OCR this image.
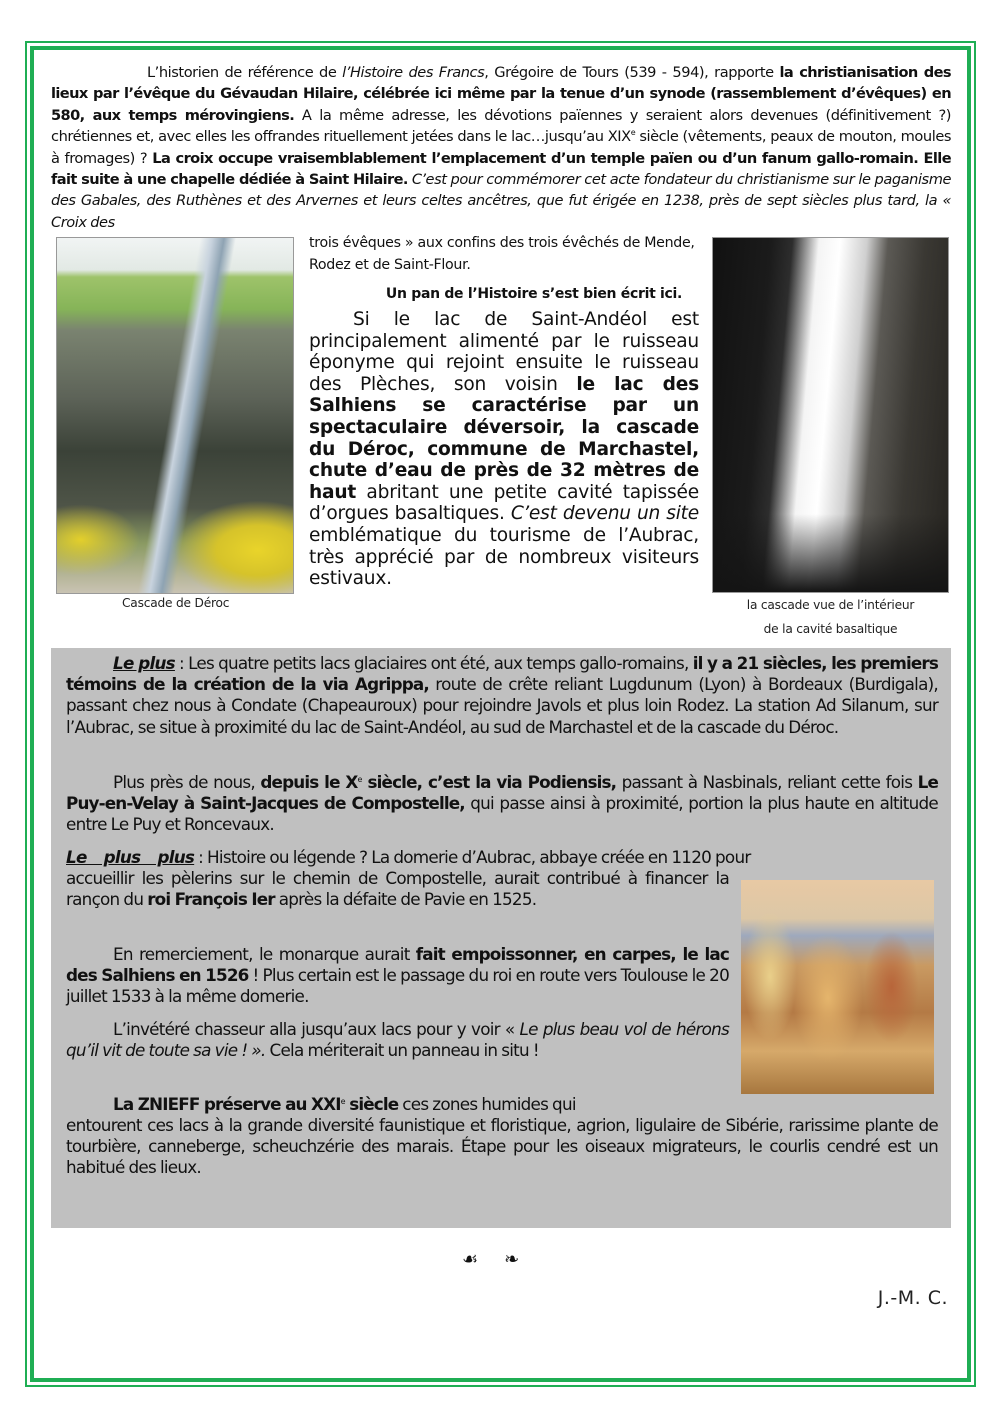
L’historien de référence de l’Histoire des Francs, Grégoire de Tours (539 - 594), rapporte la christianisation des lieux par l’évêque du Gévaudan Hilaire, célébrée ici même par la tenue d’un synode (rassemblement d’évêques) en 580, aux temps mérovingiens. A la même adresse, les dévotions païennes y seraient alors devenues (définitivement ?) chrétiennes et, avec elles les offrandes rituellement jetées dans le lac…jusqu’au XIXe siècle (vêtements, peaux de mouton, moules à fromages) ? La croix occupe vraisemblablement l’emplacement d’un temple païen ou d’un fanum gallo-romain. Elle fait suite à une chapelle dédiée à Saint Hilaire. C’est pour commémorer cet acte fondateur du christianisme sur le paganisme des Gabales, des Ruthènes et des Arvernes et leurs celtes ancêtres, que fut érigée en 1238, près de sept siècles plus tard, la « Croix des

Cascade de Déroc	la cascade vue de l’intérieur
de la cavité basaltique

trois évêques » aux confins des trois évêchés de Mende, Rodez et de Saint-Flour.

Un pan de l’Histoire s’est bien écrit ici.

Si le lac de Saint-Andéol est principalement alimenté par le ruisseau éponyme qui rejoint ensuite le ruisseau des Plèches, son voisin le lac des Salhiens se caractérise par un spectaculaire déversoir, la cascade du Déroc, commune de Marchastel, chute d’eau de près de 32 mètres de haut abritant une petite cavité tapissée d’orgues basaltiques. C’est devenu un site emblématique du tourisme de l’Aubrac, très apprécié par de nombreux visiteurs estivaux.

Le plus : Les quatre petits lacs glaciaires ont été, aux temps gallo-romains, il y a 21 siècles, les premiers témoins de la création de la via Agrippa, route de crête reliant Lugdunum (Lyon) à Bordeaux (Burdigala), passant chez nous à Condate (Chapeauroux) pour rejoindre Javols et plus loin Rodez. La station Ad Silanum, sur l’Aubrac, se situe à proximité du lac de Saint-Andéol, au sud de Marchastel et de la cascade du Déroc.
Plus près de nous, depuis le Xe siècle, c’est la via Podiensis, passant à Nasbinals, reliant cette fois Le Puy-en-Velay à Saint-Jacques de Compostelle, qui passe ainsi à proximité, portion la plus haute en altitude entre Le Puy et Roncevaux.
Le plus plus : Histoire ou légende ? La domerie d’Aubrac, abbaye créée en 1120 pour
accueillir les pèlerins sur le chemin de Compostelle, aurait contribué à financer la rançon du roi François Ier après la défaite de Pavie en 1525.
En remerciement, le monarque aurait fait empoissonner, en carpes, le lac des Salhiens en 1526 ! Plus certain est le passage du roi en route vers Toulouse le 20 juillet 1533 à la même domerie.
L’invétéré chasseur alla jusqu’aux lacs pour y voir « Le plus beau vol de hérons qu’il vit de toute sa vie ! ». Cela mériterait un panneau in situ !
La ZNIEFF préserve au XXIe siècle ces zones humides qui
entourent ces lacs à la grande diversité faunistique et floristique, agrion, ligulaire de Sibérie, rarissime plante de tourbière, canneberge, scheuchzérie des marais. Étape pour les oiseaux migrateurs, le courlis cendré est un habitué des lieux.
☙❧
J.-M. C.
